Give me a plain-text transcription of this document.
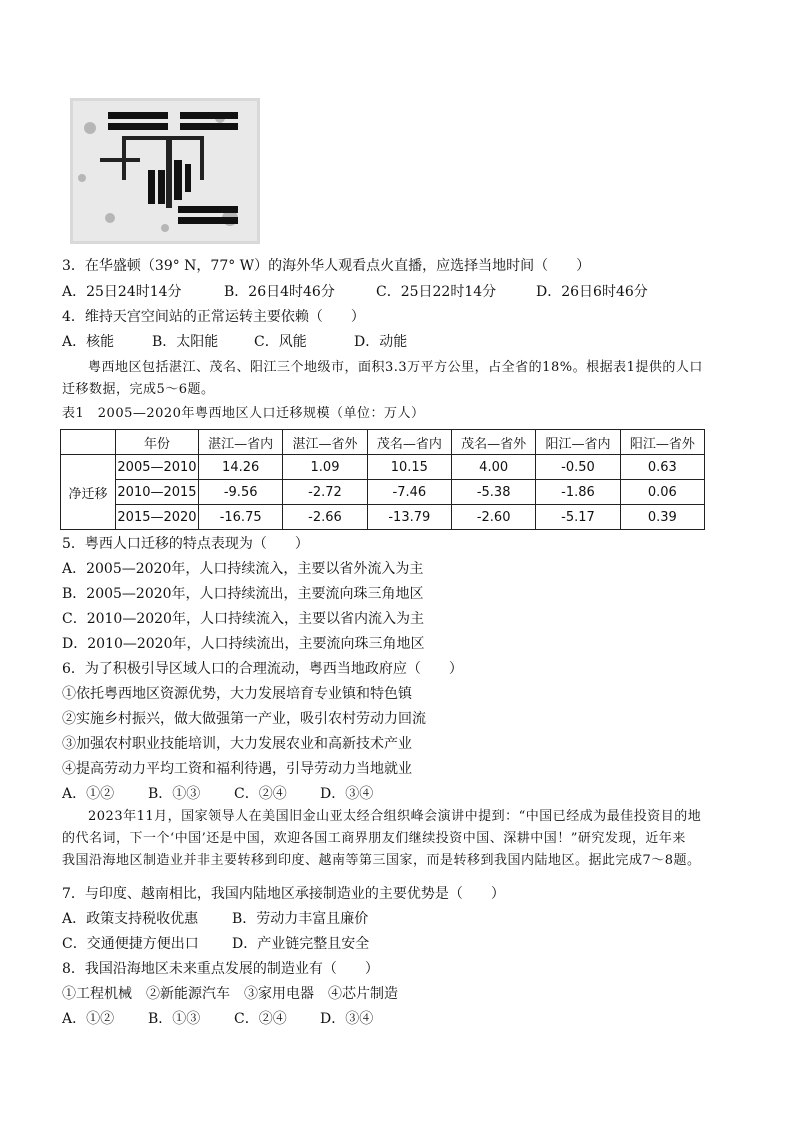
3．在华盛顿（39° N，77° W）的海外华人观看点火直播，应选择当地时间（　　）
A．25日24时14分	B．26日4时46分	C．25日22时14分	D．26日6时46分
4．维持天宫空间站的正常运转主要依赖（　　）
A．核能	B．太阳能	C．风能	D．动能
粤西地区包括湛江、茂名、阳江三个地级市，面积3.3万平方公里，占全省的18%。根据表1提供的人口
迁移数据，完成5～6题。
表1　2005—2020年粤西地区人口迁移规模（单位：万人）
	年份	湛江—省内	湛江—省外	茂名—省内	茂名—省外	阳江—省内	阳江—省外
净迁移	2005—2010	14.26	1.09	10.15	4.00	-0.50	0.63
	2010—2015	-9.56	-2.72	-7.46	-5.38	-1.86	0.06
	2015—2020	-16.75	-2.66	-13.79	-2.60	-5.17	0.39
5．粤西人口迁移的特点表现为（　　）
A．2005—2020年，人口持续流入，主要以省外流入为主
B．2005—2020年，人口持续流出，主要流向珠三角地区
C．2010—2020年，人口持续流入，主要以省内流入为主
D．2010—2020年，人口持续流出，主要流向珠三角地区
6．为了积极引导区域人口的合理流动，粤西当地政府应（　　）
①依托粤西地区资源优势，大力发展培育专业镇和特色镇
②实施乡村振兴，做大做强第一产业，吸引农村劳动力回流
③加强农村职业技能培训，大力发展农业和高新技术产业
④提高劳动力平均工资和福利待遇，引导劳动力当地就业
A．①② B．①③ C．②④ D．③④
2023年11月，国家领导人在美国旧金山亚太经合组织峰会演讲中提到：“中国已经成为最佳投资目的地
的代名词，下一个‘中国’还是中国，欢迎各国工商界朋友们继续投资中国、深耕中国！”研究发现，近年来
我国沿海地区制造业并非主要转移到印度、越南等第三国家，而是转移到我国内陆地区。据此完成7～8题。
7．与印度、越南相比，我国内陆地区承接制造业的主要优势是（　　）
A．政策支持税收优惠 B．劳动力丰富且廉价
C．交通便捷方便出口 D．产业链完整且安全
8．我国沿海地区未来重点发展的制造业有（　　）
①工程机械　②新能源汽车　③家用电器　④芯片制造
A．①② B．①③ C．②④ D．③④
